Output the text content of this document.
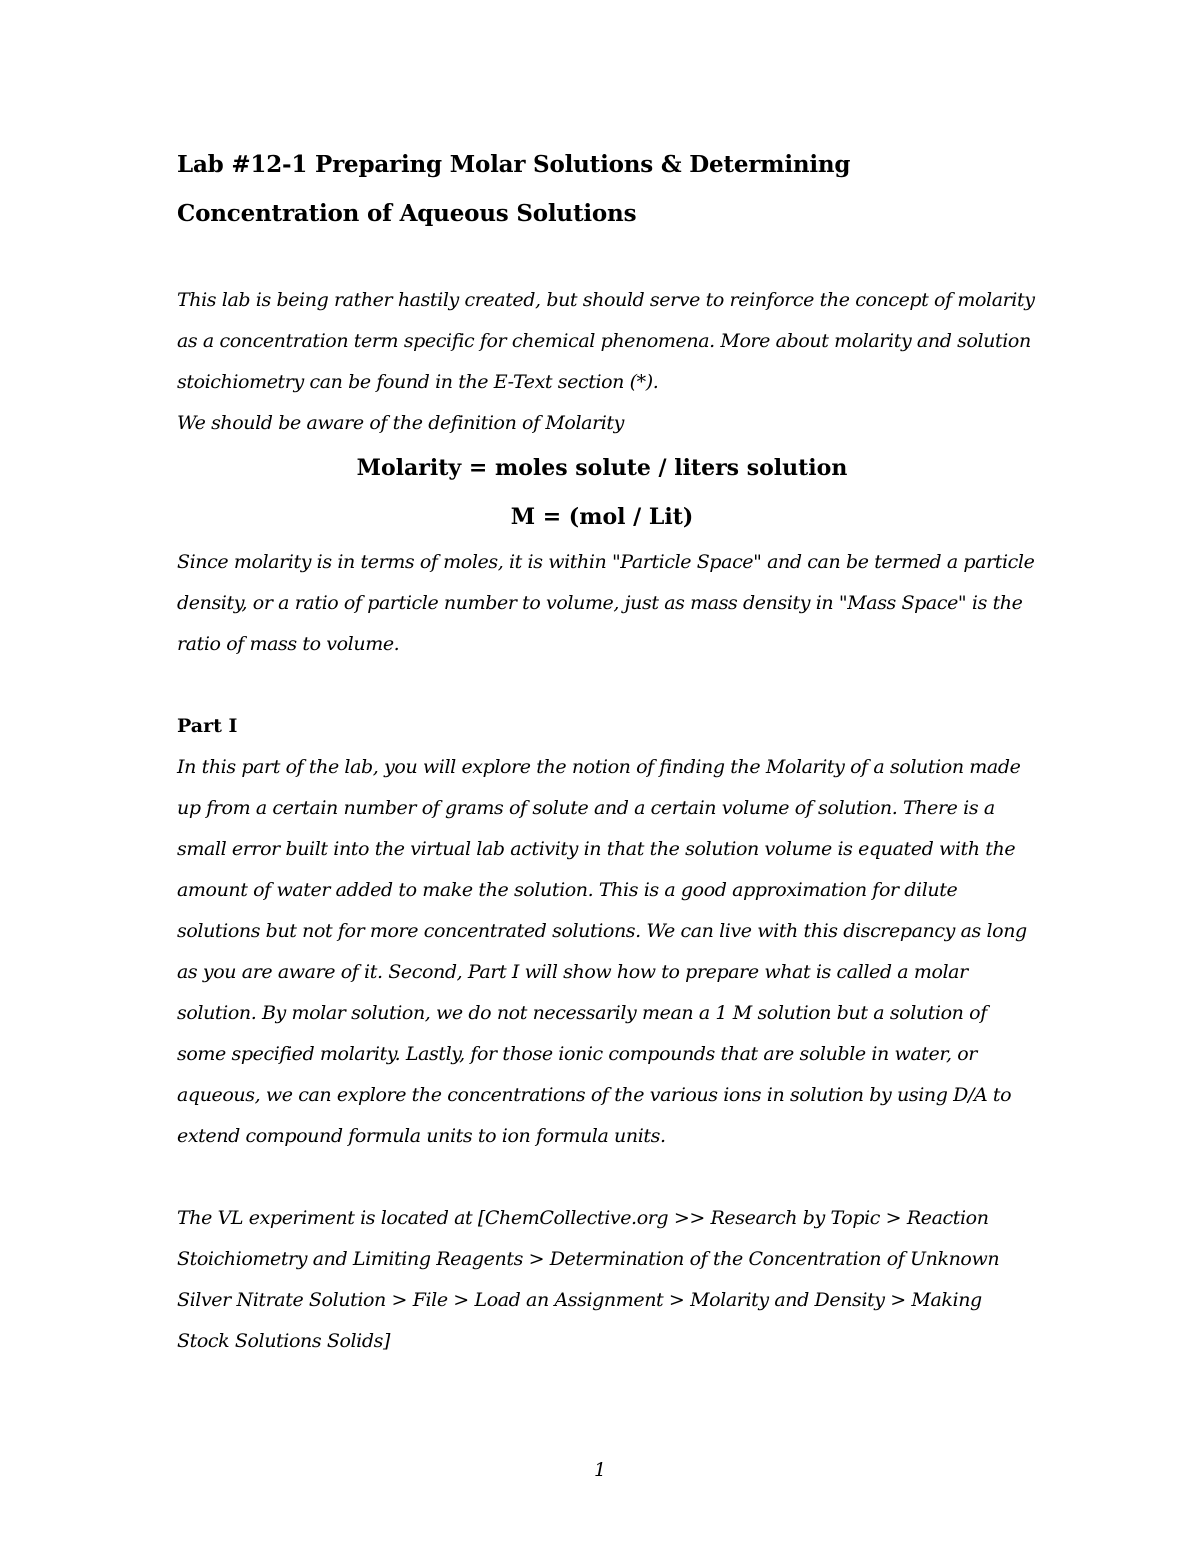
Lab #12-1 Preparing Molar Solutions & Determining Concentration of Aqueous Solutions

This lab is being rather hastily created, but should serve to reinforce the concept of molarity as a concentration term specific for chemical phenomena. More about molarity and solution stoichiometry can be found in the E-Text section (*).

We should be aware of the definition of Molarity

Molarity = moles solute / liters solution

M = (mol / Lit)

Since molarity is in terms of moles, it is within "Particle Space" and can be termed a particle density, or a ratio of particle number to volume, just as mass density in "Mass Space" is the ratio of mass to volume.

Part I

In this part of the lab, you will explore the notion of finding the Molarity of a solution made up from a certain number of grams of solute and a certain volume of solution. There is a small error built into the virtual lab activity in that the solution volume is equated with the amount of water added to make the solution. This is a good approximation for dilute solutions but not for more concentrated solutions. We can live with this discrepancy as long as you are aware of it. Second, Part I will show how to prepare what is called a molar solution. By molar solution, we do not necessarily mean a 1 M solution but a solution of some specified molarity. Lastly, for those ionic compounds that are soluble in water, or aqueous, we can explore the concentrations of the various ions in solution by using D/A to extend compound formula units to ion formula units.

The VL experiment is located at [ChemCollective.org >> Research by Topic > Reaction Stoichiometry and Limiting Reagents > Determination of the Concentration of Unknown Silver Nitrate Solution > File > Load an Assignment > Molarity and Density > Making Stock Solutions Solids]

1
